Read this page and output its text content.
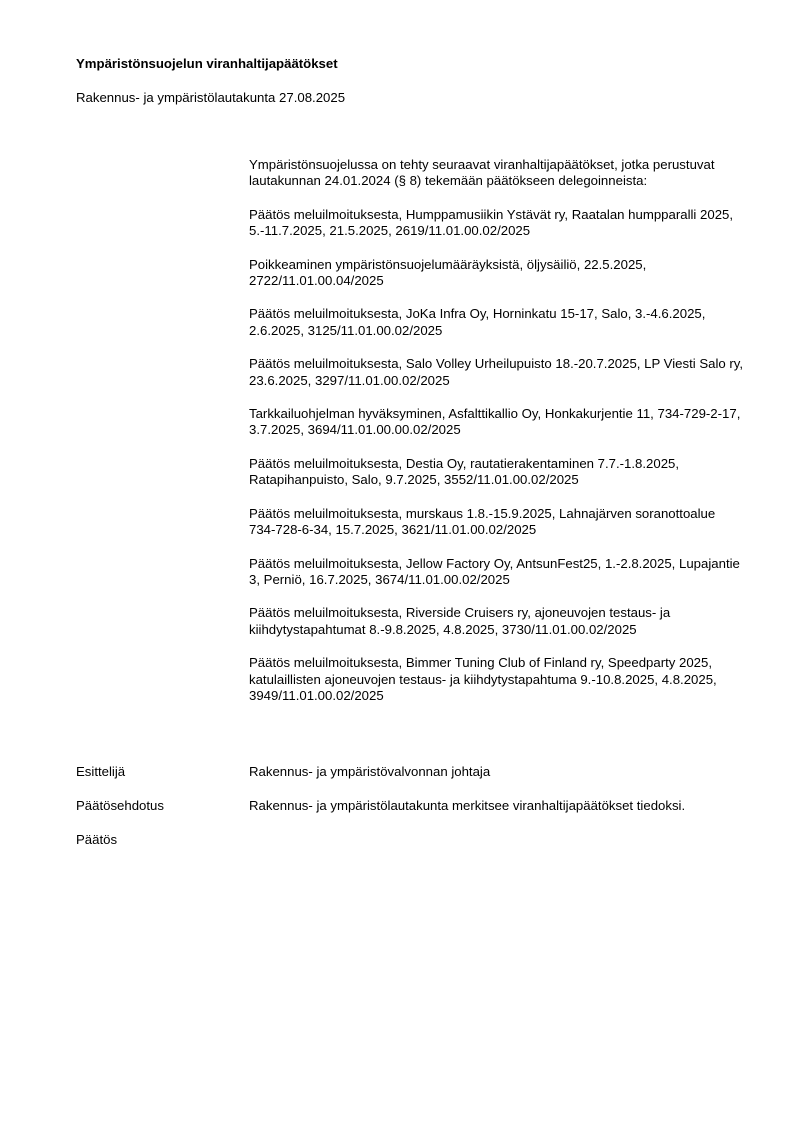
Ympäristönsuojelun viranhaltijapäätökset
Rakennus- ja ympäristölautakunta 27.08.2025

Ympäristönsuojelussa on tehty seuraavat viranhaltijapäätökset, jotka perustuvat lautakunnan 24.01.2024 (§ 8) tekemään päätökseen delegoinneista:

Päätös meluilmoituksesta, Humppamusiikin Ystävät ry, Raatalan humpparalli 2025, 5.-11.7.2025, 21.5.2025, 2619/11.01.00.02/2025

Poikkeaminen ympäristönsuojelumääräyksistä, öljysäiliö, 22.5.2025, 2722/11.01.00.04/2025

Päätös meluilmoituksesta, JoKa Infra Oy, Horninkatu 15-17, Salo, 3.-4.6.2025, 2.6.2025, 3125/11.01.00.02/2025

Päätös meluilmoituksesta, Salo Volley Urheilupuisto 18.-20.7.2025, LP Viesti Salo ry, 23.6.2025, 3297/11.01.00.02/2025

Tarkkailuohjelman hyväksyminen, Asfalttikallio Oy, Honkakurjentie 11, 734-729-2-17, 3.7.2025, 3694/11.01.00.00.02/2025

Päätös meluilmoituksesta, Destia Oy, rautatierakentaminen 7.7.-1.8.2025, Ratapihanpuisto, Salo, 9.7.2025, 3552/11.01.00.02/2025

Päätös meluilmoituksesta, murskaus 1.8.-15.9.2025, Lahnajärven soranottoalue 734-728-6-34, 15.7.2025, 3621/11.01.00.02/2025

Päätös meluilmoituksesta, Jellow Factory Oy, AntsunFest25, 1.-2.8.2025, Lupajantie 3, Perniö, 16.7.2025, 3674/11.01.00.02/2025

Päätös meluilmoituksesta, Riverside Cruisers ry, ajoneuvojen testaus- ja kiihdytystapahtumat 8.-9.8.2025, 4.8.2025, 3730/11.01.00.02/2025

Päätös meluilmoituksesta, Bimmer Tuning Club of Finland ry, Speedparty 2025, katulaillisten ajoneuvojen testaus- ja kiihdytystapahtuma 9.-10.8.2025, 4.8.2025, 3949/11.01.00.02/2025

Esittelijä	Rakennus- ja ympäristövalvonnan johtaja
Päätösehdotus	Rakennus- ja ympäristölautakunta merkitsee viranhaltijapäätökset tiedoksi.
Päätös
